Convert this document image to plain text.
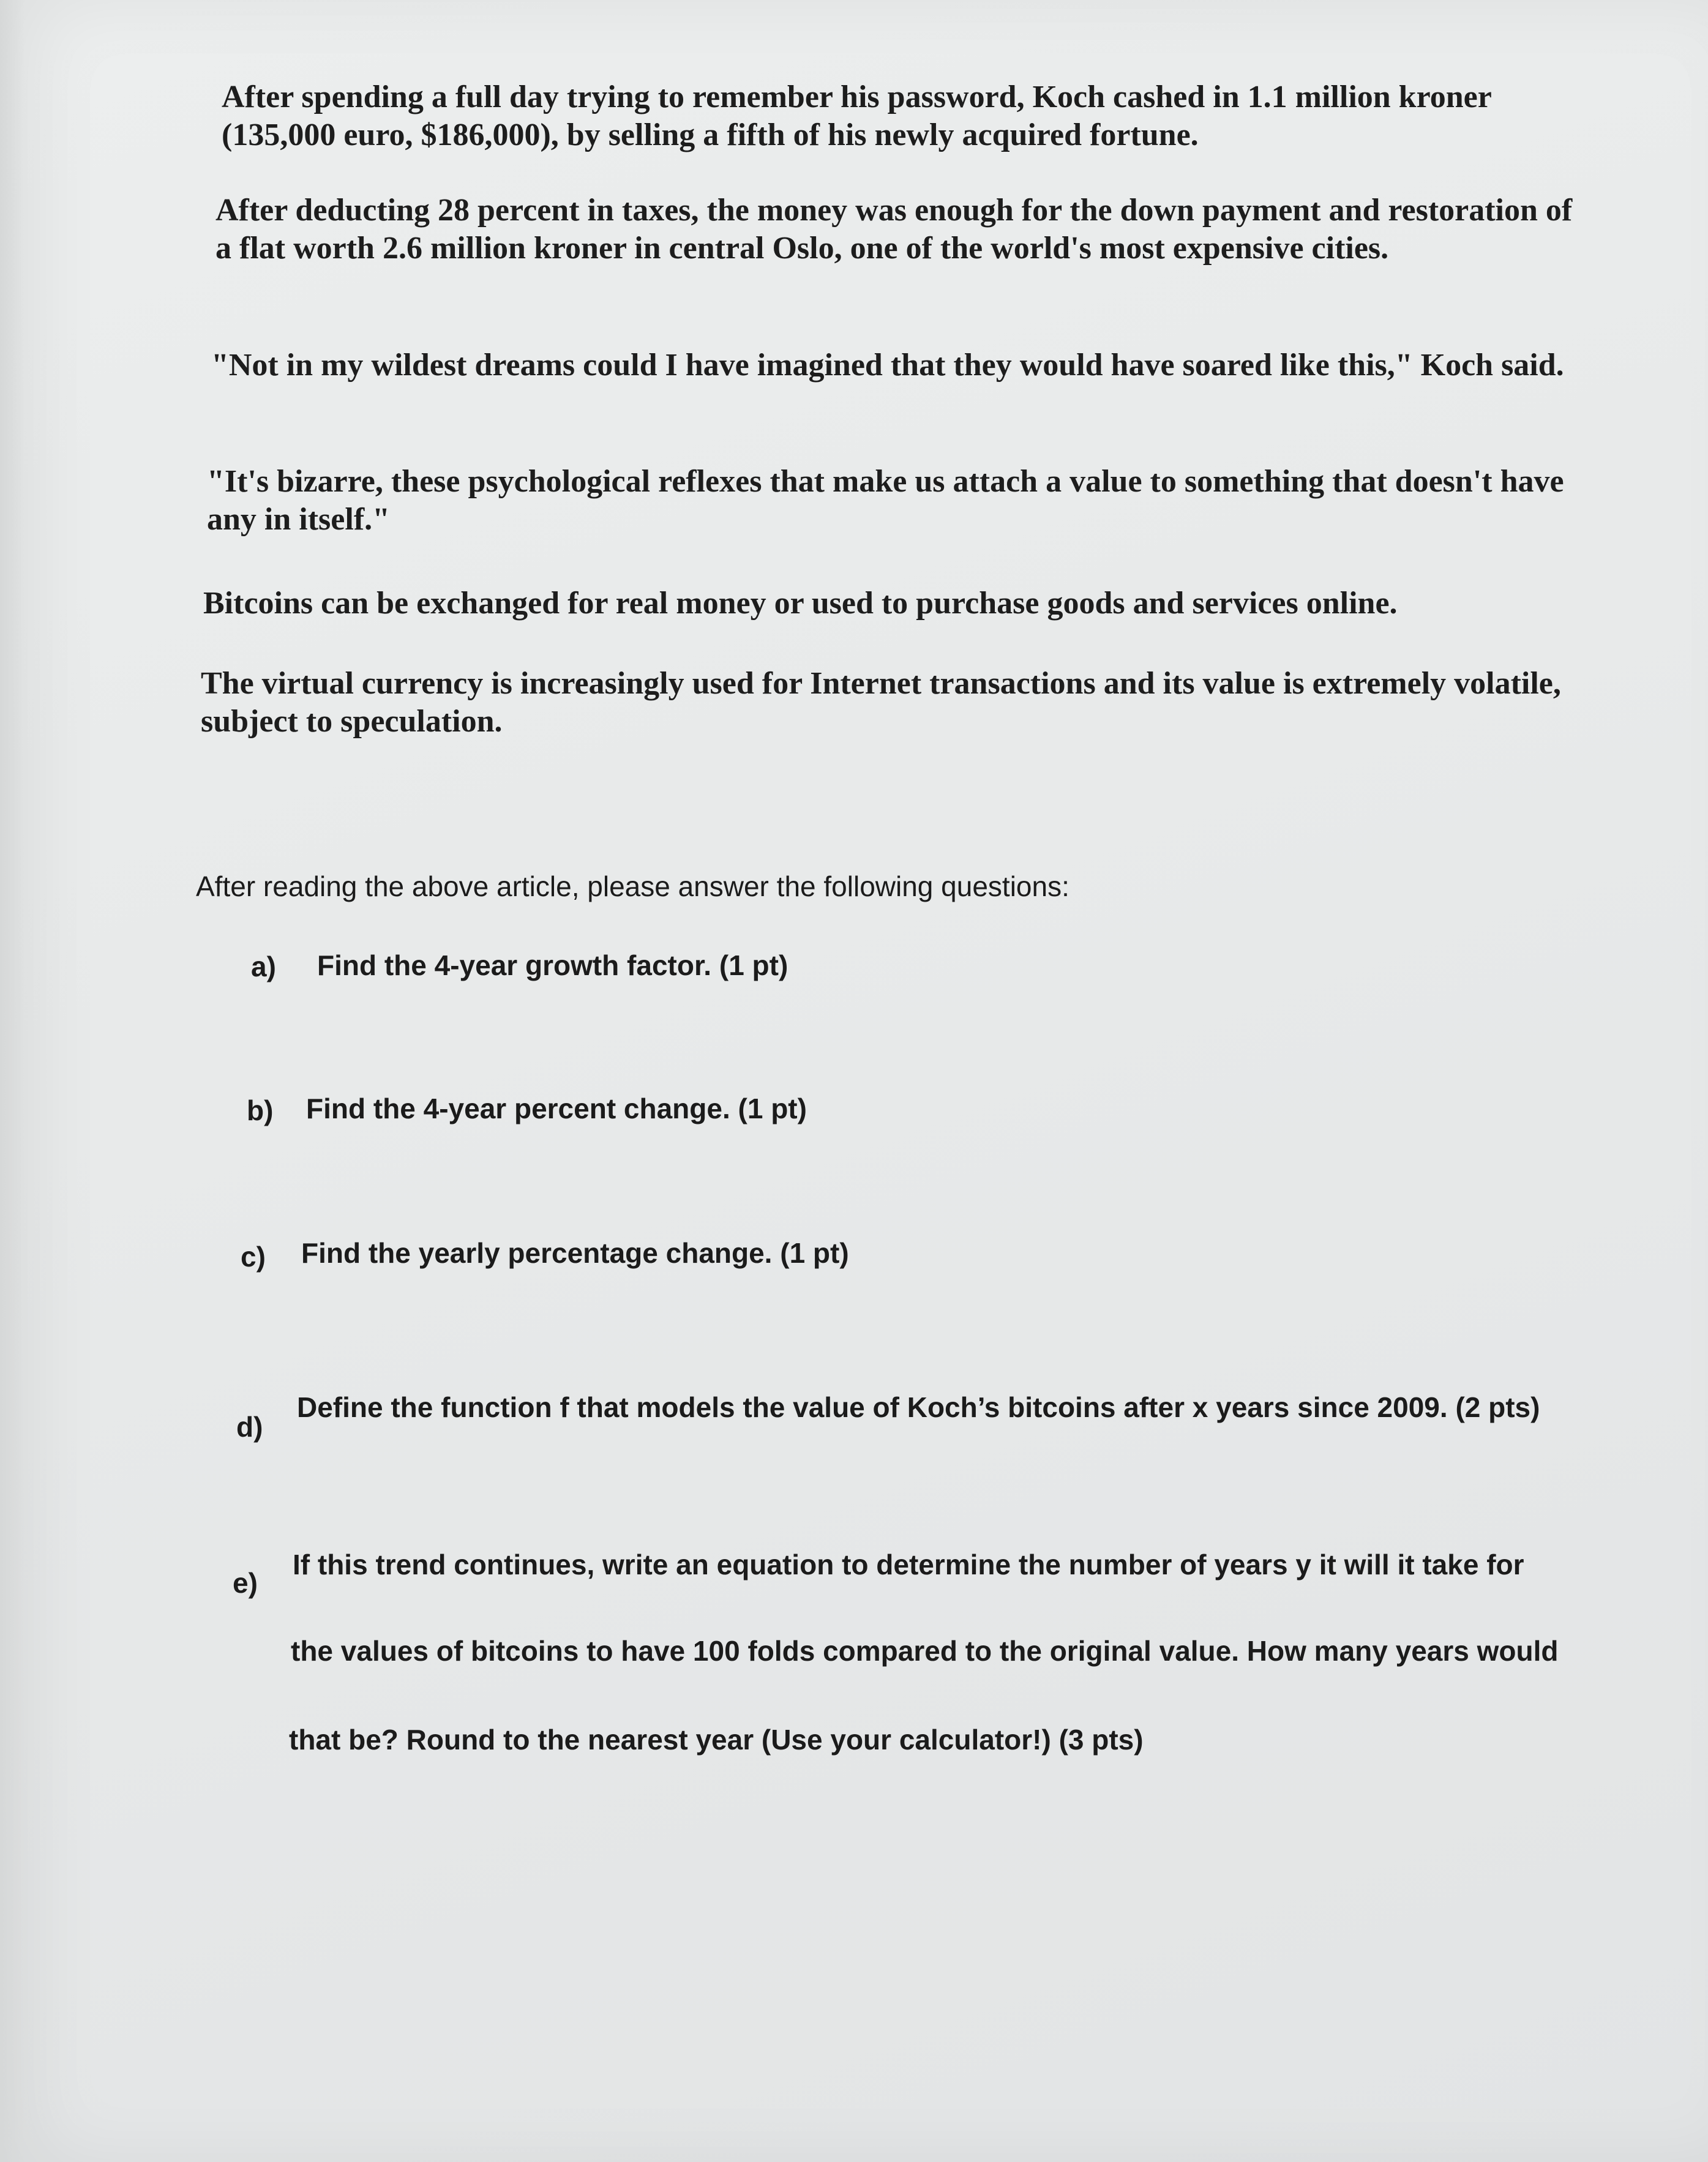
After spending a full day trying to remember his password, Koch cashed in 1.1 million kroner (135,000 euro, $186,000), by selling a fifth of his newly acquired fortune.

After deducting 28 percent in taxes, the money was enough for the down payment and restoration of a flat worth 2.6 million kroner in central Oslo, one of the world's most expensive cities.

"Not in my wildest dreams could I have imagined that they would have soared like this," Koch said.

"It's bizarre, these psychological reflexes that make us attach a value to something that doesn't have any in itself."

Bitcoins can be exchanged for real money or used to purchase goods and services online.

The virtual currency is increasingly used for Internet transactions and its value is extremely volatile, subject to speculation.

After reading the above article, please answer the following questions:

a) Find the 4-year growth factor. (1 pt)
b) Find the 4-year percent change. (1 pt)
c) Find the yearly percentage change. (1 pt)
d)
Define the function f that models the value of Koch’s bitcoins after x years since 2009. (2 pts)
e)
If this trend continues, write an equation to determine the number of years y it will it take for
the values of bitcoins to have 100 folds compared to the original value. How many years would
that be? Round to the nearest year (Use your calculator!) (3 pts)
